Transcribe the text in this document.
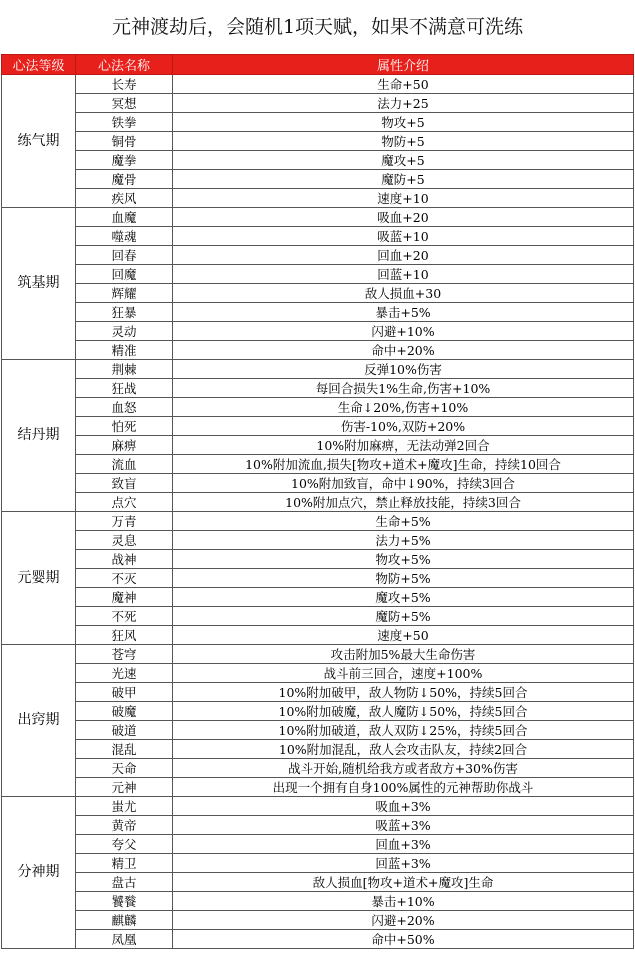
元神渡劫后，会随机1项天赋，如果不满意可洗练
心法等级	心法名称	属性介绍
练气期	长寿	生命+50
	冥想	法力+25
	铁拳	物攻+5
	铜骨	物防+5
	魔拳	魔攻+5
	魔骨	魔防+5
	疾风	速度+10
筑基期	血魔	吸血+20
	噬魂	吸蓝+10
	回春	回血+20
	回魔	回蓝+10
	辉耀	敌人损血+30
	狂暴	暴击+5%
	灵动	闪避+10%
	精准	命中+20%
结丹期	荆棘	反弹10%伤害
	狂战	每回合损失1%生命,伤害+10%
	血怒	生命↓20%,伤害+10%
	怕死	伤害-10%,双防+20%
	麻痹	10%附加麻痹，无法动弹2回合
	流血	10%附加流血,损失[物攻+道术+魔攻]生命，持续10回合
	致盲	10%附加致盲，命中↓90%，持续3回合
	点穴	10%附加点穴，禁止释放技能，持续3回合
元婴期	万青	生命+5%
	灵息	法力+5%
	战神	物攻+5%
	不灭	物防+5%
	魔神	魔攻+5%
	不死	魔防+5%
	狂风	速度+50
出窍期	苍穹	攻击附加5%最大生命伤害
	光速	战斗前三回合，速度+100%
	破甲	10%附加破甲，敌人物防↓50%，持续5回合
	破魔	10%附加破魔，敌人魔防↓50%，持续5回合
	破道	10%附加破道，敌人双防↓25%，持续5回合
	混乱	10%附加混乱，敌人会攻击队友，持续2回合
	天命	战斗开始,随机给我方或者敌方+30%伤害
	元神	出现一个拥有自身100%属性的元神帮助你战斗
分神期	蚩尤	吸血+3%
	黄帝	吸蓝+3%
	夸父	回血+3%
	精卫	回蓝+3%
	盘古	敌人损血[物攻+道术+魔攻]生命
	饕餮	暴击+10%
	麒麟	闪避+20%
	凤凰	命中+50%
